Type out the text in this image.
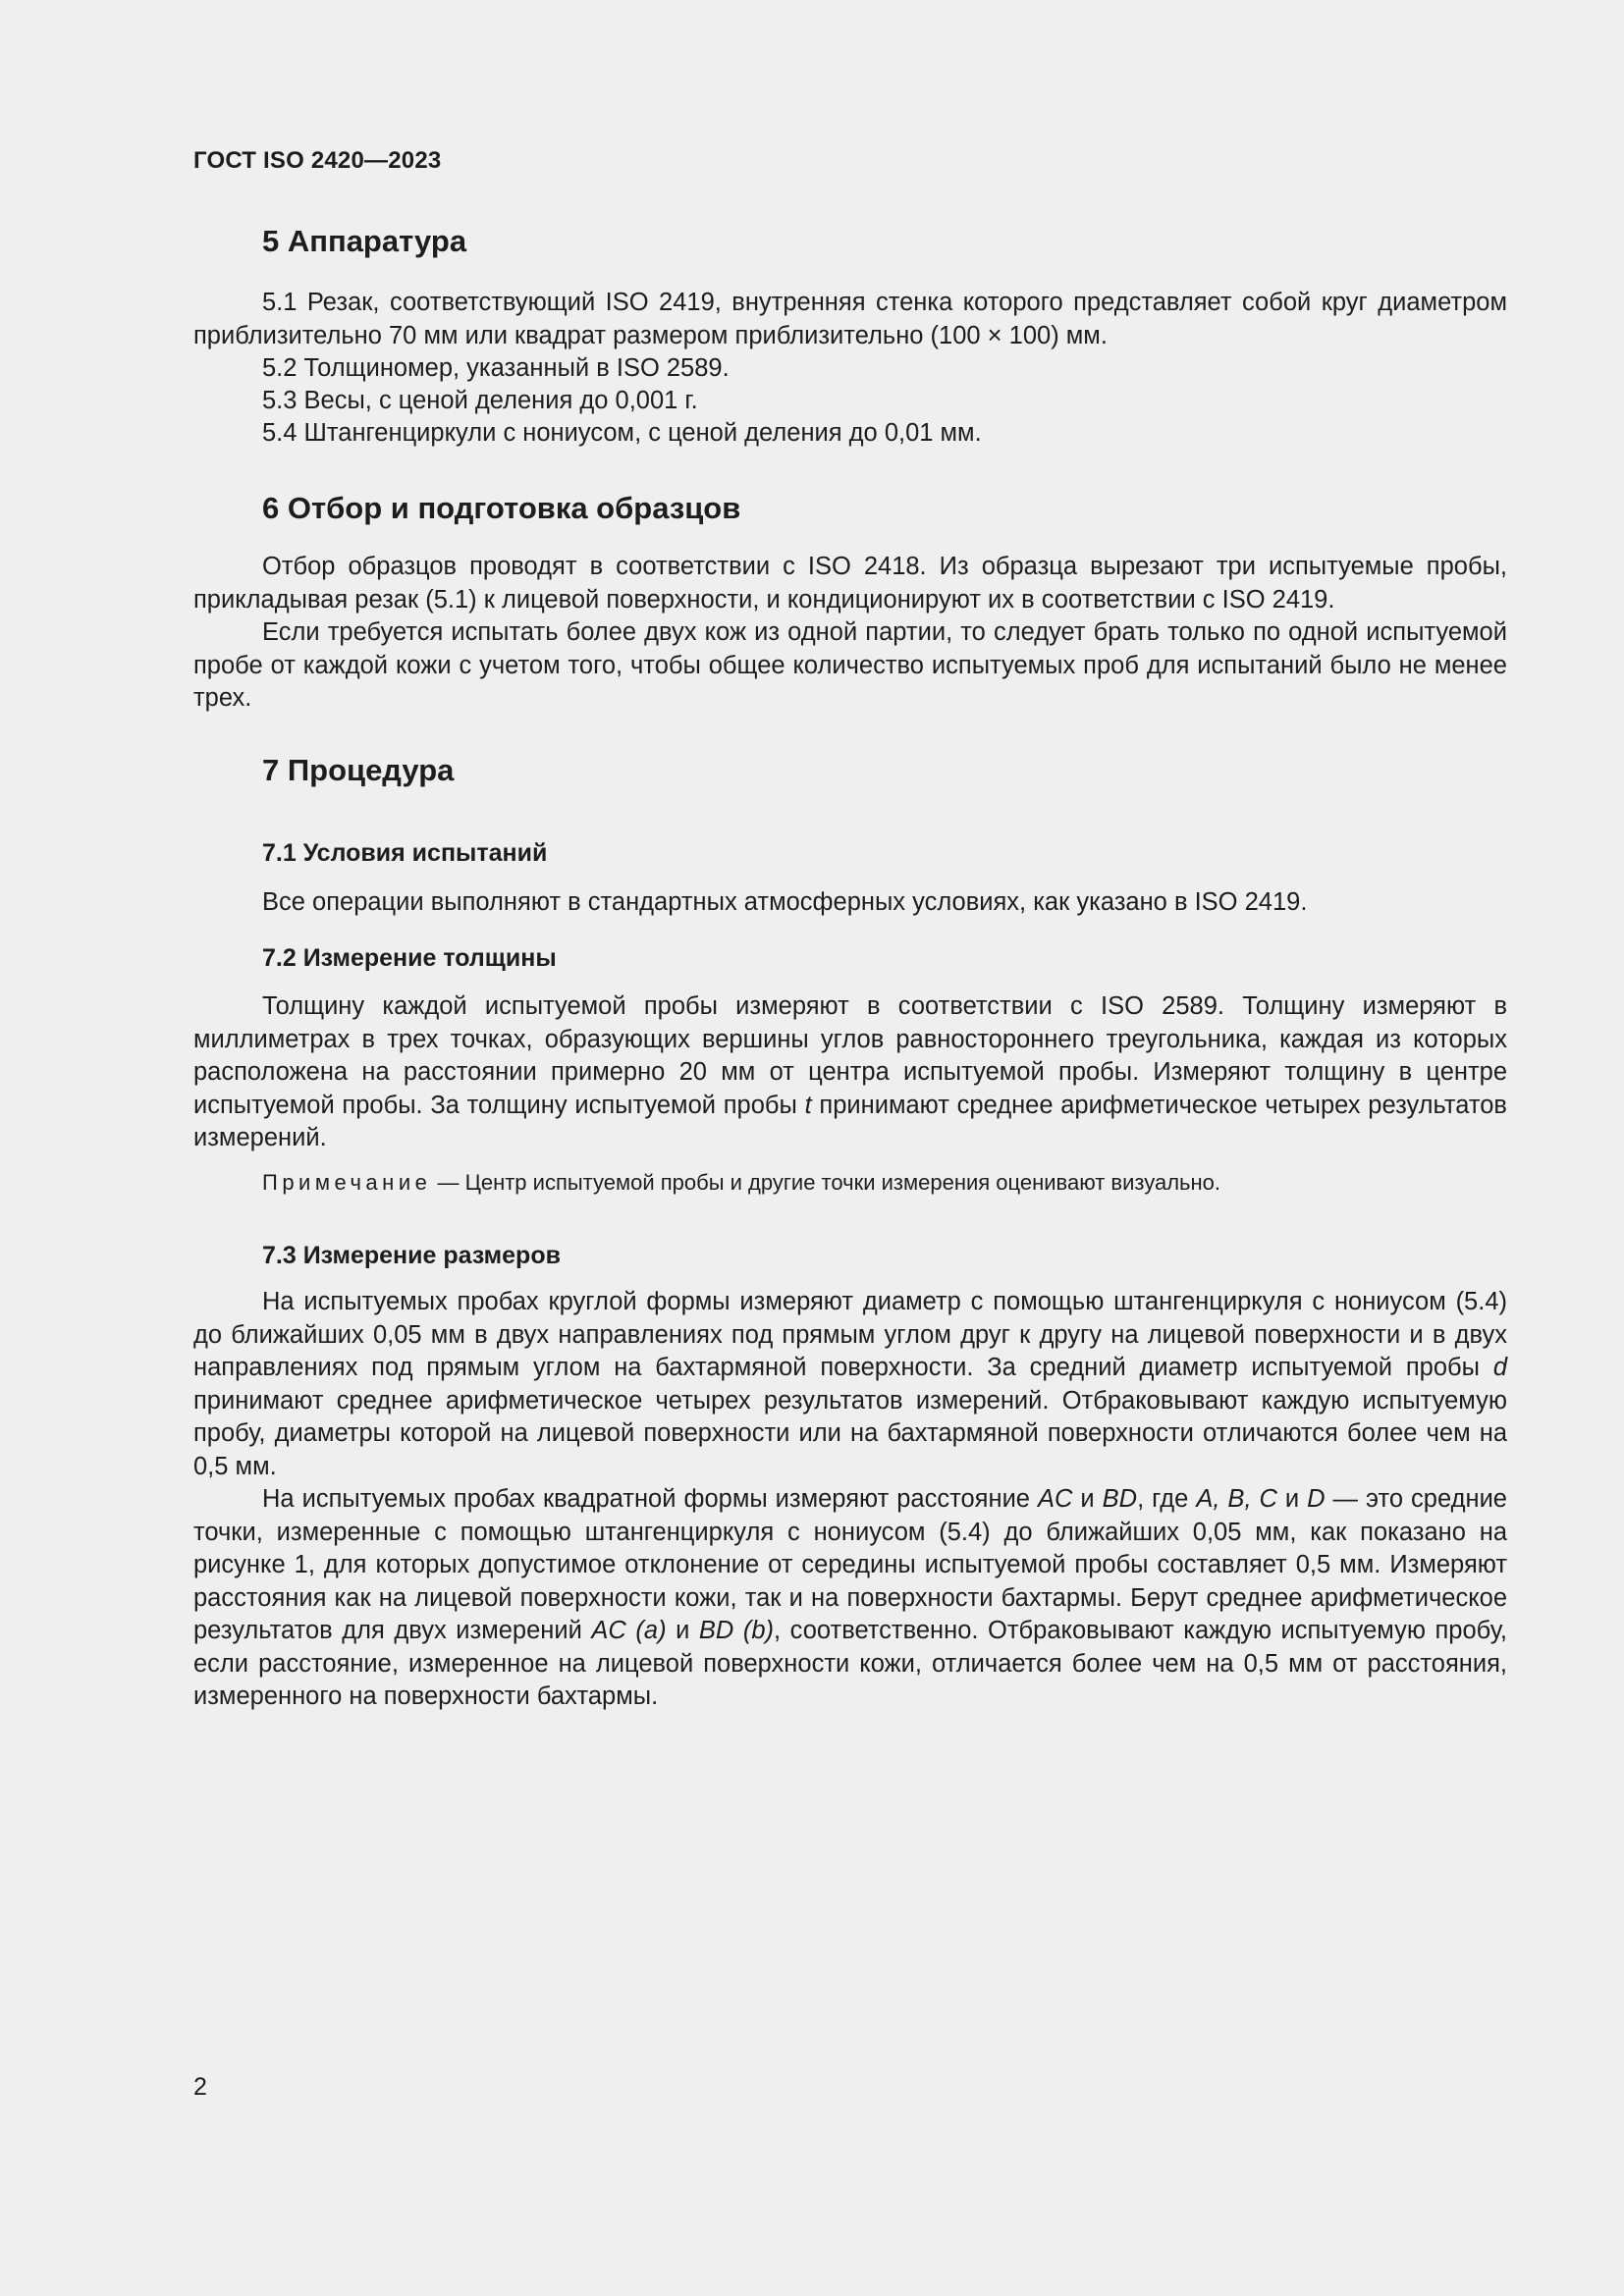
ГОСТ ISO 2420—2023
5 Аппаратура

5.1 Резак, соответствующий ISO 2419, внутренняя стенка которого представляет собой круг диаметром приблизительно 70 мм или квадрат размером приблизительно (100 × 100) мм.

5.2 Толщиномер, указанный в ISO 2589.
5.3 Весы, с ценой деления до 0,001 г.
5.4 Штангенциркули с нониусом, с ценой деления до 0,01 мм.
6 Отбор и подготовка образцов

Отбор образцов проводят в соответствии с ISO 2418. Из образца вырезают три испытуемые пробы, прикладывая резак (5.1) к лицевой поверхности, и кондиционируют их в соответствии с ISO 2419.

Если требуется испытать более двух кож из одной партии, то следует брать только по одной испытуемой пробе от каждой кожи с учетом того, чтобы общее количество испытуемых проб для испытаний было не менее трех.

7 Процедура
7.1 Условия испытаний

Все операции выполняют в стандартных атмосферных условиях, как указано в ISO 2419.

7.2 Измерение толщины

Толщину каждой испытуемой пробы измеряют в соответствии с ISO 2589. Толщину измеряют в миллиметрах в трех точках, образующих вершины углов равностороннего треугольника, каждая из которых расположена на расстоянии примерно 20 мм от центра испытуемой пробы. Измеряют толщину в центре испытуемой пробы. За толщину испытуемой пробы t принимают среднее арифметическое четырех результатов измерений.

Примечание — Центр испытуемой пробы и другие точки измерения оценивают визуально.
7.3 Измерение размеров

На испытуемых пробах круглой формы измеряют диаметр с помощью штангенциркуля с нониусом (5.4) до ближайших 0,05 мм в двух направлениях под прямым углом друг к другу на лицевой поверхности и в двух направлениях под прямым углом на бахтармяной поверхности. За средний диаметр испытуемой пробы d принимают среднее арифметическое четырех результатов измерений. Отбраковывают каждую испытуемую пробу, диаметры которой на лицевой поверхности или на бахтармяной поверхности отличаются более чем на 0,5 мм.

На испытуемых пробах квадратной формы измеряют расстояние AC и BD, где A, B, C и D — это средние точки, измеренные с помощью штангенциркуля с нониусом (5.4) до ближайших 0,05 мм, как показано на рисунке 1, для которых допустимое отклонение от середины испытуемой пробы составляет 0,5 мм. Измеряют расстояния как на лицевой поверхности кожи, так и на поверхности бахтармы. Берут среднее арифметическое результатов для двух измерений AC (a) и BD (b), соответственно. Отбраковывают каждую испытуемую пробу, если расстояние, измеренное на лицевой поверхности кожи, отличается более чем на 0,5 мм от расстояния, измеренного на поверхности бахтармы.

2
